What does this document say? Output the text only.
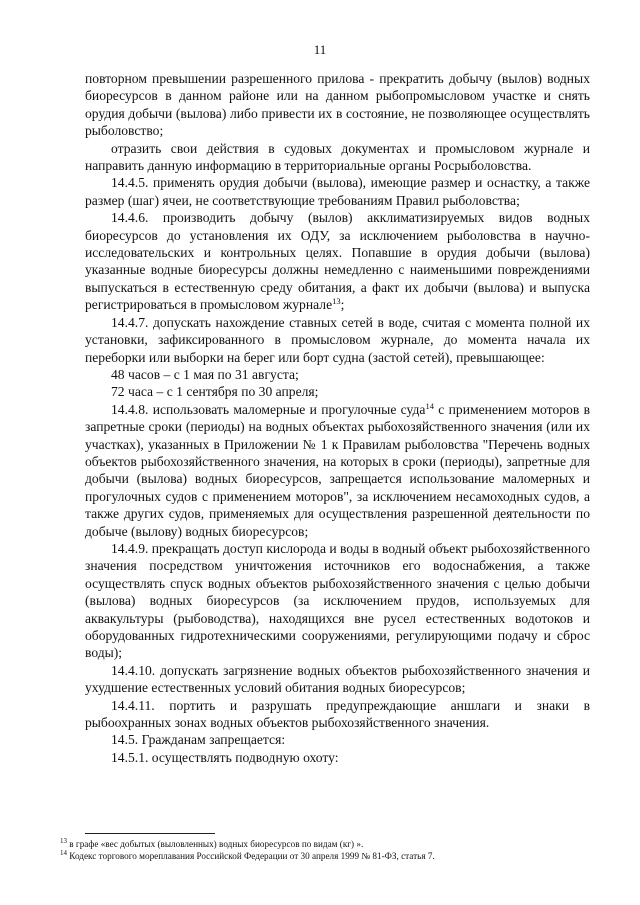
11

повторном превышении разрешенного прилова - прекратить добычу (вылов) водных биоресурсов в данном районе или на данном рыбопромысловом участке и снять орудия добычи (вылова) либо привести их в состояние, не позволяющее осуществлять рыболовство;

отразить свои действия в судовых документах и промысловом журнале и направить данную информацию в территориальные органы Росрыболовства.

14.4.5. применять орудия добычи (вылова), имеющие размер и оснастку, а также размер (шаг) ячеи, не соответствующие требованиям Правил рыболовства;

14.4.6. производить добычу (вылов) акклиматизируемых видов водных биоресурсов до установления их ОДУ, за исключением рыболовства в научно-исследовательских и контрольных целях. Попавшие в орудия добычи (вылова) указанные водные биоресурсы должны немедленно с наименьшими повреждениями выпускаться в естественную среду обитания, а факт их добычи (вылова) и выпуска регистрироваться в промысловом журнале$^{13}$;

14.4.7. допускать нахождение ставных сетей в воде, считая с момента полной их установки, зафиксированного в промысловом журнале, до момента начала их переборки или выборки на берег или борт судна (застой сетей), превышающее:

48 часов – с 1 мая по 31 августа;

72 часа – с 1 сентября по 30 апреля;

14.4.8. использовать маломерные и прогулочные суда$^{14}$ с применением моторов в запретные сроки (периоды) на водных объектах рыбохозяйственного значения (или их участках), указанных в Приложении № 1 к Правилам рыболовства "Перечень водных объектов рыбохозяйственного значения, на которых в сроки (периоды), запретные для добычи (вылова) водных биоресурсов, запрещается использование маломерных и прогулочных судов с применением моторов", за исключением несамоходных судов, а также других судов, применяемых для осуществления разрешенной деятельности по добыче (вылову) водных биоресурсов;

14.4.9. прекращать доступ кислорода и воды в водный объект рыбохозяйственного значения посредством уничтожения источников его водоснабжения, а также осуществлять спуск водных объектов рыбохозяйственного значения с целью добычи (вылова) водных биоресурсов (за исключением прудов, используемых для аквакультуры (рыбоводства), находящихся вне русел естественных водотоков и оборудованных гидротехническими сооружениями, регулирующими подачу и сброс воды);

14.4.10. допускать загрязнение водных объектов рыбохозяйственного значения и ухудшение естественных условий обитания водных биоресурсов;

14.4.11. портить и разрушать предупреждающие аншлаги и знаки в рыбоохранных зонах водных объектов рыбохозяйственного значения.

14.5. Гражданам запрещается:

14.5.1. осуществлять подводную охоту:

$^{13}$ в графе «вес добытых (выловленных) водных биоресурсов по видам (кг) ».

$^{14}$ Кодекс торгового мореплавания Российской Федерации от 30 апреля 1999 № 81-ФЗ, статья 7.
